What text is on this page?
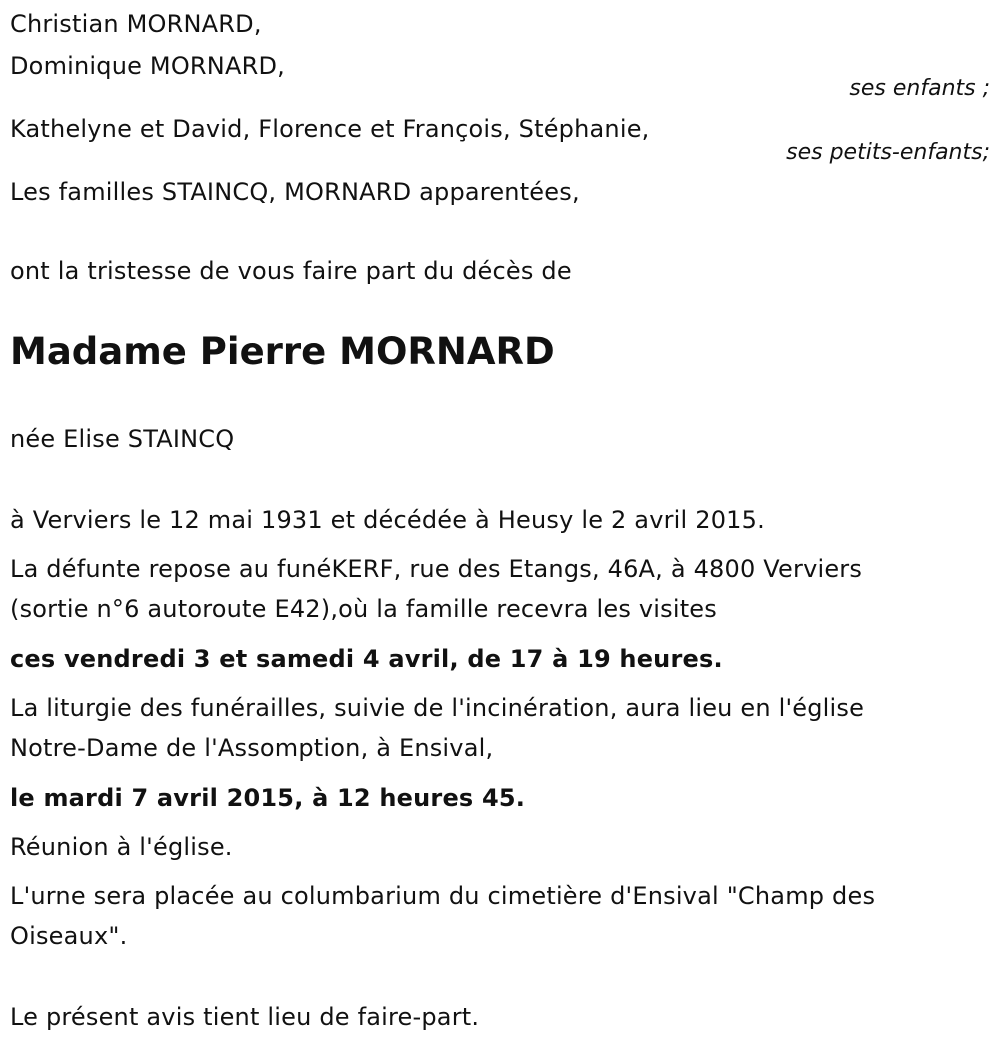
Christian MORNARD,
Dominique MORNARD,
ses enfants ;
Kathelyne et David, Florence et François, Stéphanie,
ses petits-enfants;
Les familles STAINCQ, MORNARD apparentées,
ont la tristesse de vous faire part du décès de
Madame Pierre MORNARD
née Elise STAINCQ
à Verviers le 12 mai 1931 et décédée à Heusy le 2 avril 2015.
La défunte repose au funéKERF, rue des Etangs, 46A, à 4800 Verviers
(sortie n°6 autoroute E42),où la famille recevra les visites
ces vendredi 3 et samedi 4 avril, de 17 à 19 heures.
La liturgie des funérailles, suivie de l'incinération, aura lieu en l'église
Notre-Dame de l'Assomption, à Ensival,
le mardi 7 avril 2015, à 12 heures 45.
Réunion à l'église.
L'urne sera placée au columbarium du cimetière d'Ensival "Champ des
Oiseaux".
Le présent avis tient lieu de faire-part.
